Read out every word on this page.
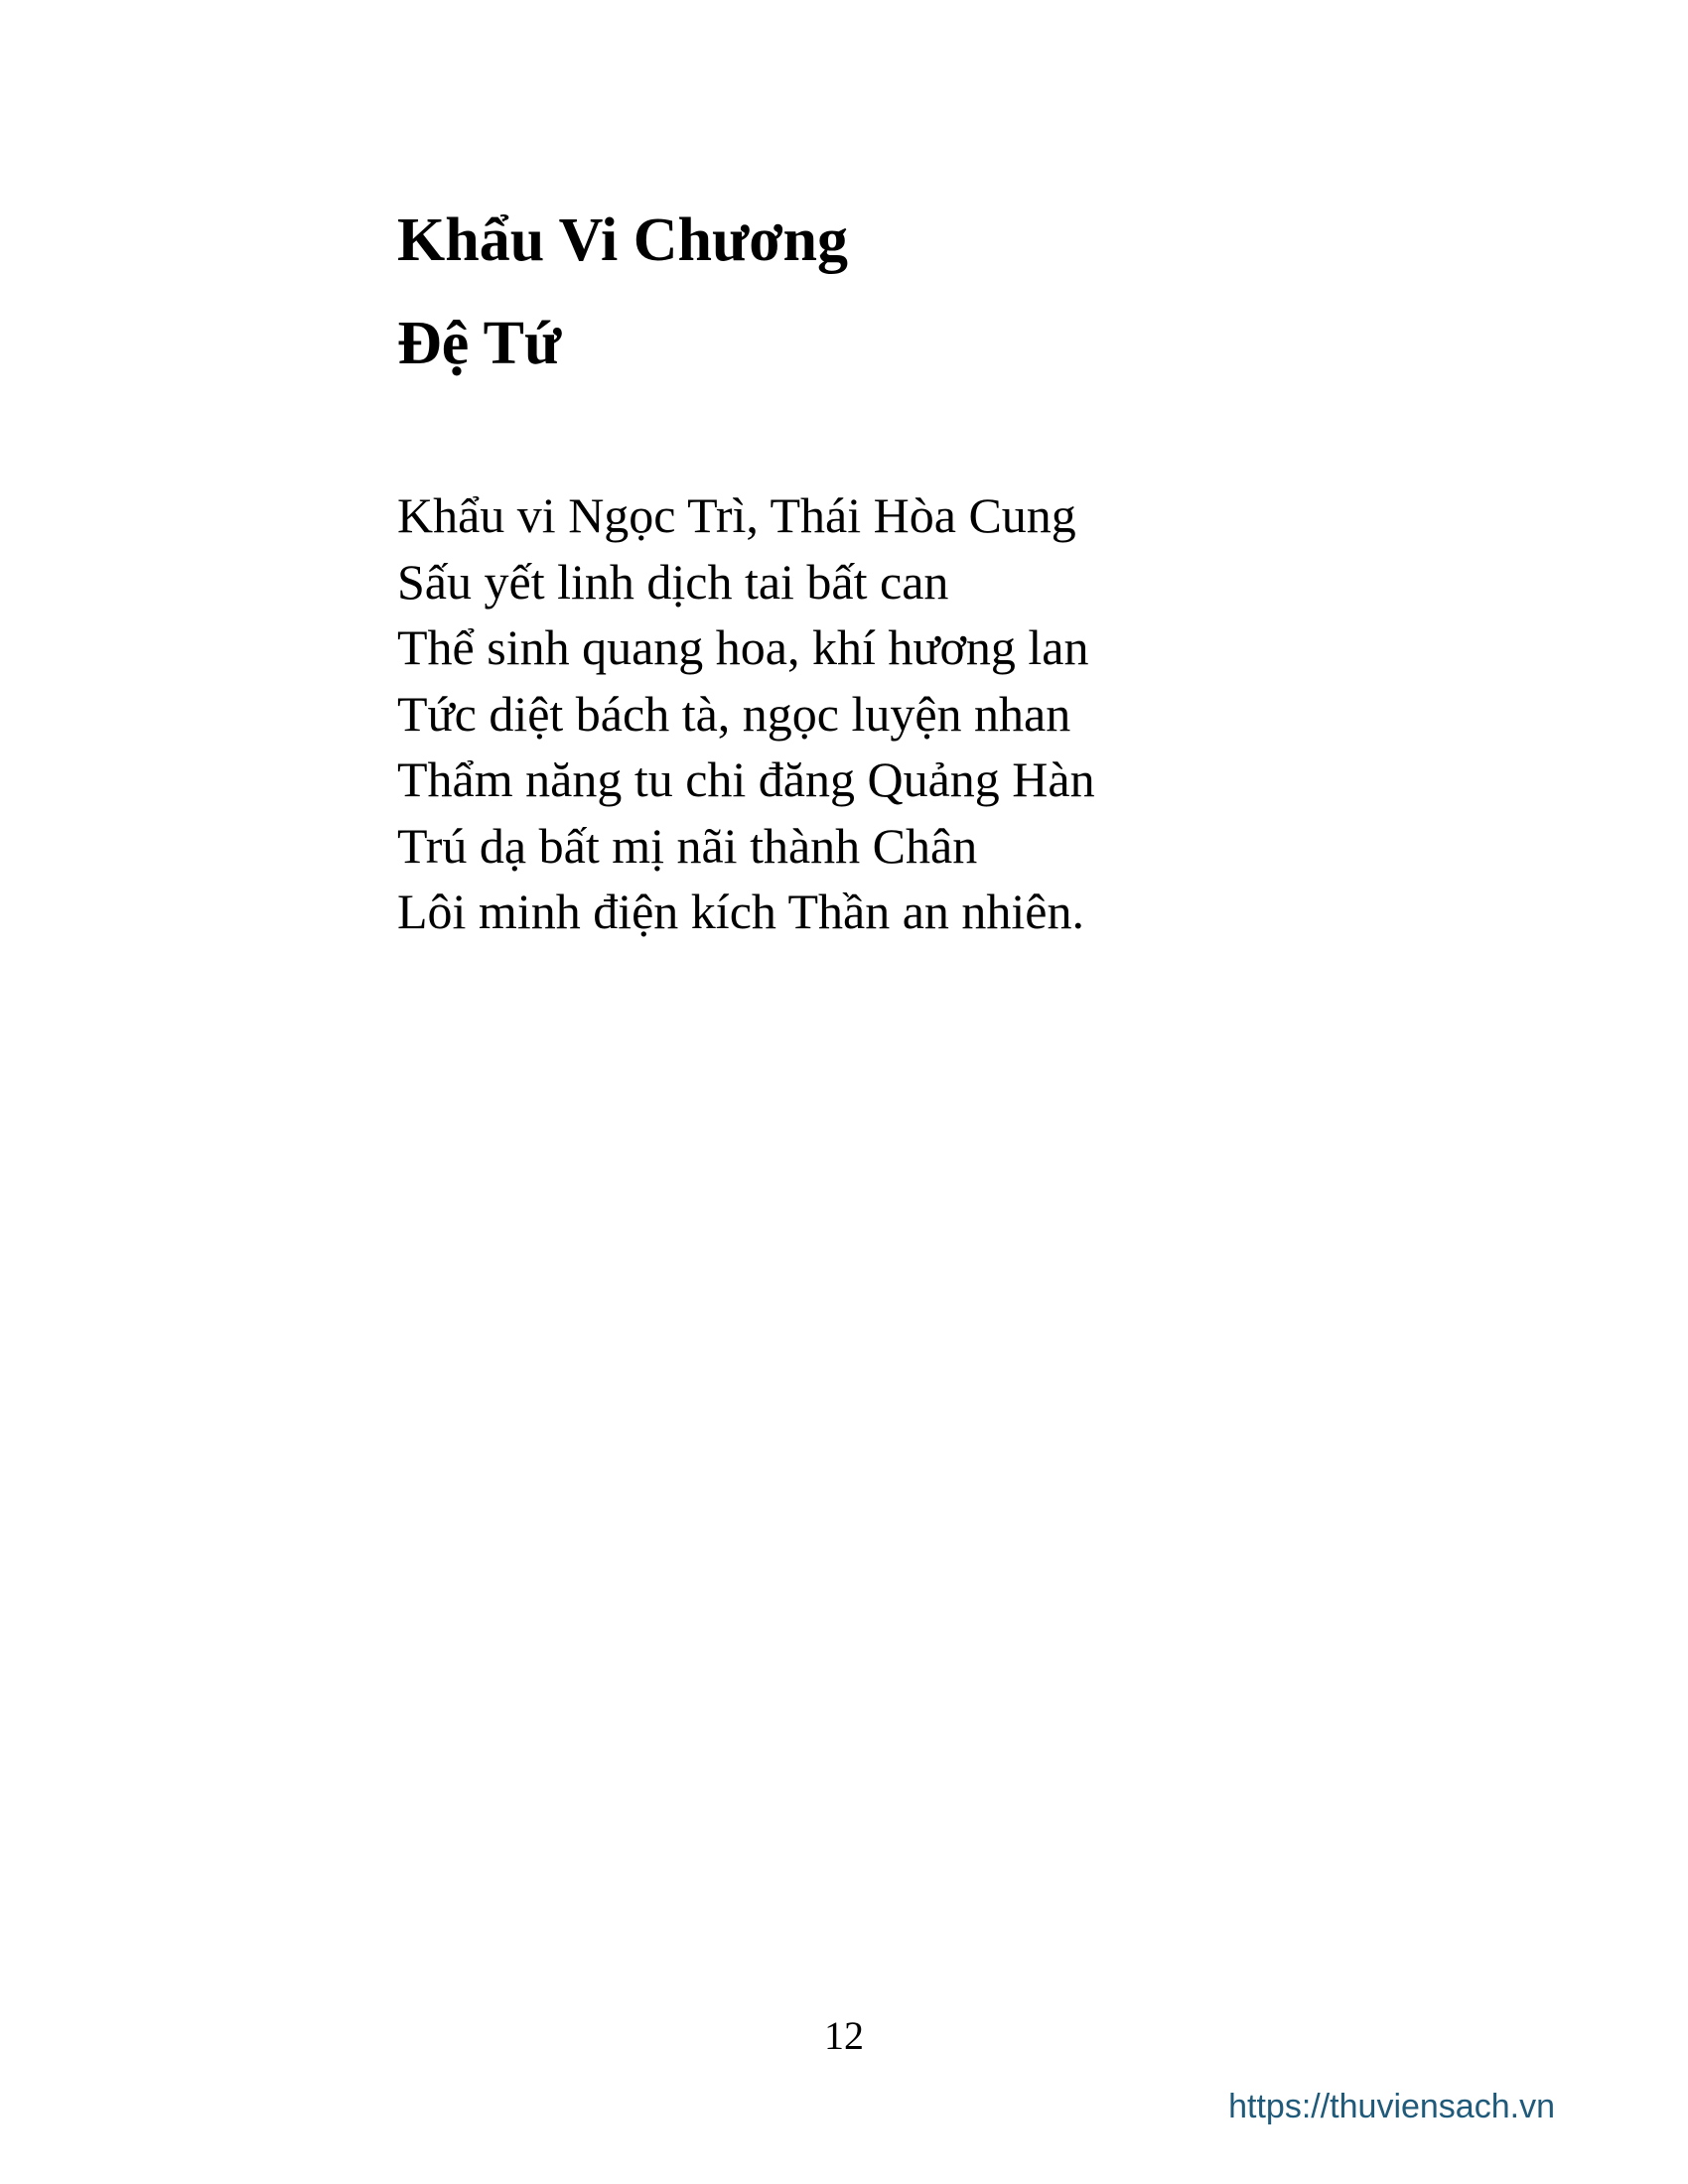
Khẩu Vi Chương
Đệ Tứ
Khẩu vi Ngọc Trì, Thái Hòa Cung
Sấu yết linh dịch tai bất can
Thể sinh quang hoa, khí hương lan
Tức diệt bách tà, ngọc luyện nhan
Thẩm năng tu chi đăng Quảng Hàn
Trú dạ bất mị nãi thành Chân
Lôi minh điện kích Thần an nhiên.
12
https://thuviensach.vn
